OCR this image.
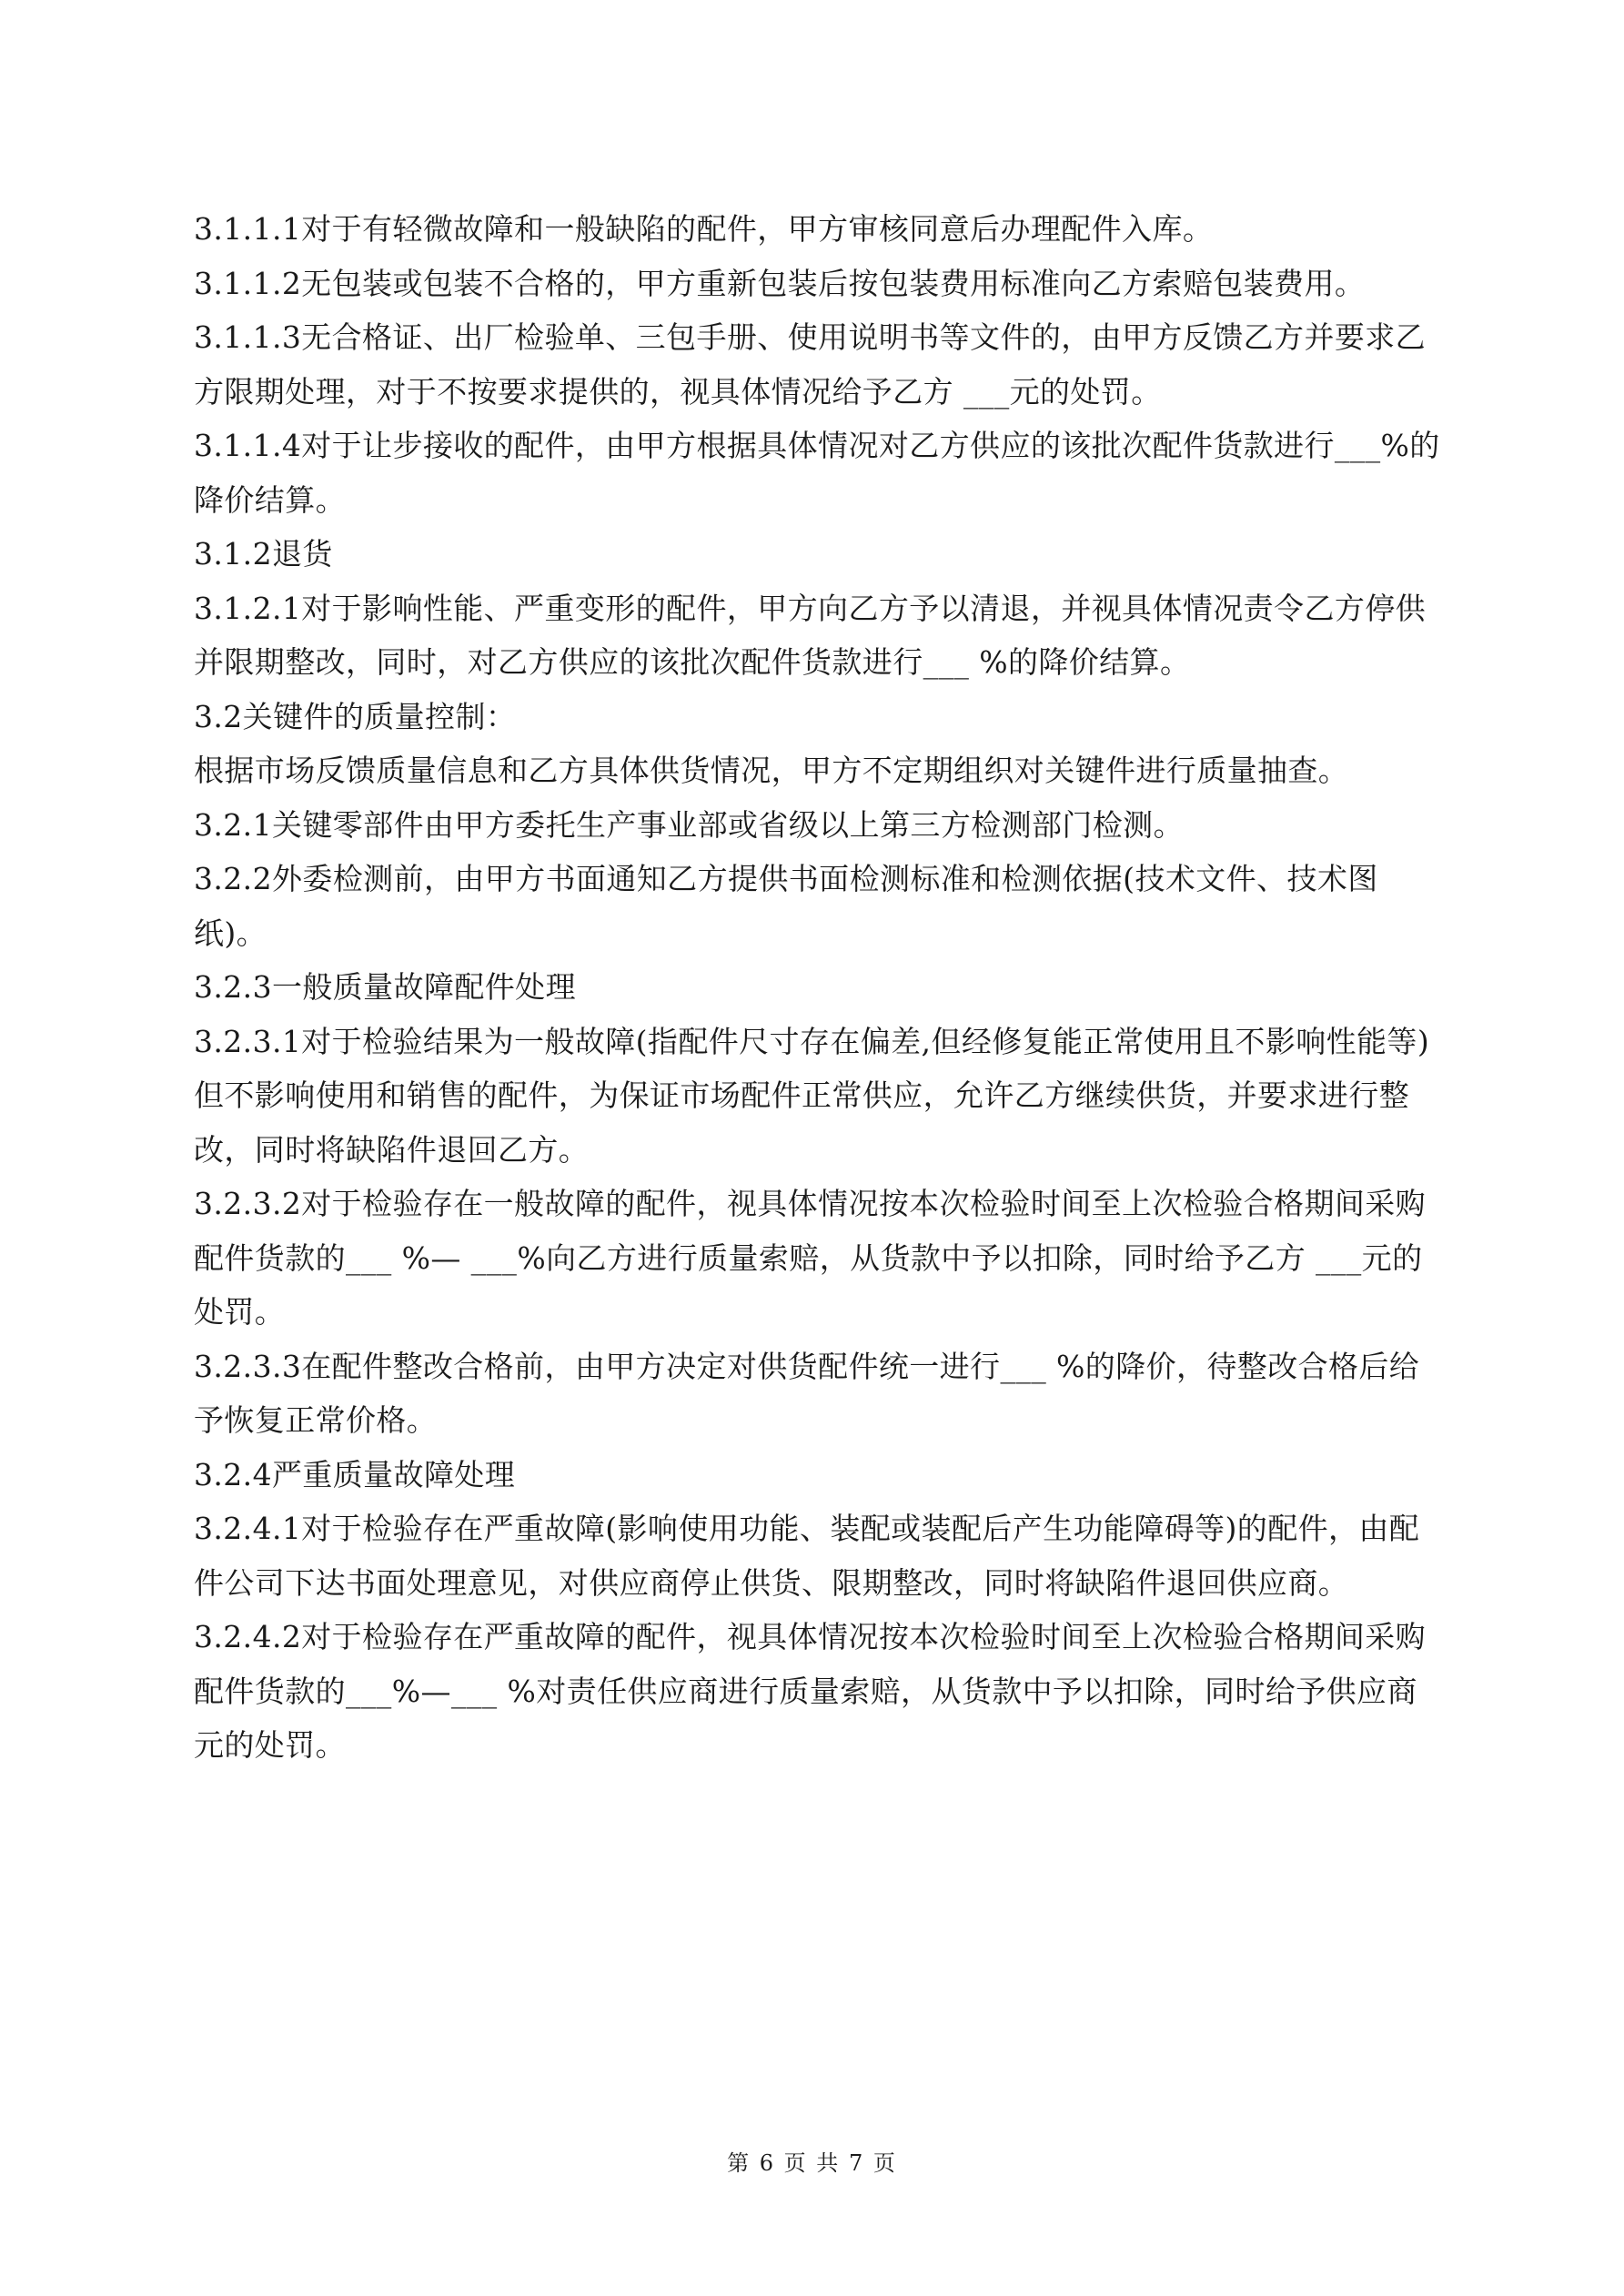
3.1.1.1对于有轻微故障和一般缺陷的配件，甲方审核同意后办理配件入库。

3.1.1.2无包装或包装不合格的，甲方重新包装后按包装费用标准向乙方索赔包装费用。

3.1.1.3无合格证、出厂检验单、三包手册、使用说明书等文件的，由甲方反馈乙方并要求乙方限期处理，对于不按要求提供的，视具体情况给予乙方 ___元的处罚。

3.1.1.4对于让步接收的配件，由甲方根据具体情况对乙方供应的该批次配件货款进行___%的降价结算。

3.1.2退货

3.1.2.1对于影响性能、严重变形的配件，甲方向乙方予以清退，并视具体情况责令乙方停供并限期整改，同时，对乙方供应的该批次配件货款进行___ %的降价结算。

3.2关键件的质量控制：

根据市场反馈质量信息和乙方具体供货情况，甲方不定期组织对关键件进行质量抽查。

3.2.1关键零部件由甲方委托生产事业部或省级以上第三方检测部门检测。

3.2.2外委检测前，由甲方书面通知乙方提供书面检测标准和检测依据(技术文件、技术图纸)。

3.2.3一般质量故障配件处理

3.2.3.1对于检验结果为一般故障(指配件尺寸存在偏差,但经修复能正常使用且不影响性能等)但不影响使用和销售的配件，为保证市场配件正常供应，允许乙方继续供货，并要求进行整改，同时将缺陷件退回乙方。

3.2.3.2对于检验存在一般故障的配件，视具体情况按本次检验时间至上次检验合格期间采购配件货款的___ %— ___%向乙方进行质量索赔，从货款中予以扣除，同时给予乙方 ___元的处罚。

3.2.3.3在配件整改合格前，由甲方决定对供货配件统一进行___ %的降价，待整改合格后给予恢复正常价格。

3.2.4严重质量故障处理

3.2.4.1对于检验存在严重故障(影响使用功能、装配或装配后产生功能障碍等)的配件，由配件公司下达书面处理意见，对供应商停止供货、限期整改，同时将缺陷件退回供应商。

3.2.4.2对于检验存在严重故障的配件，视具体情况按本次检验时间至上次检验合格期间采购配件货款的___%—___ %对责任供应商进行质量索赔，从货款中予以扣除，同时给予供应商 元的处罚。

第 6 页 共 7 页
